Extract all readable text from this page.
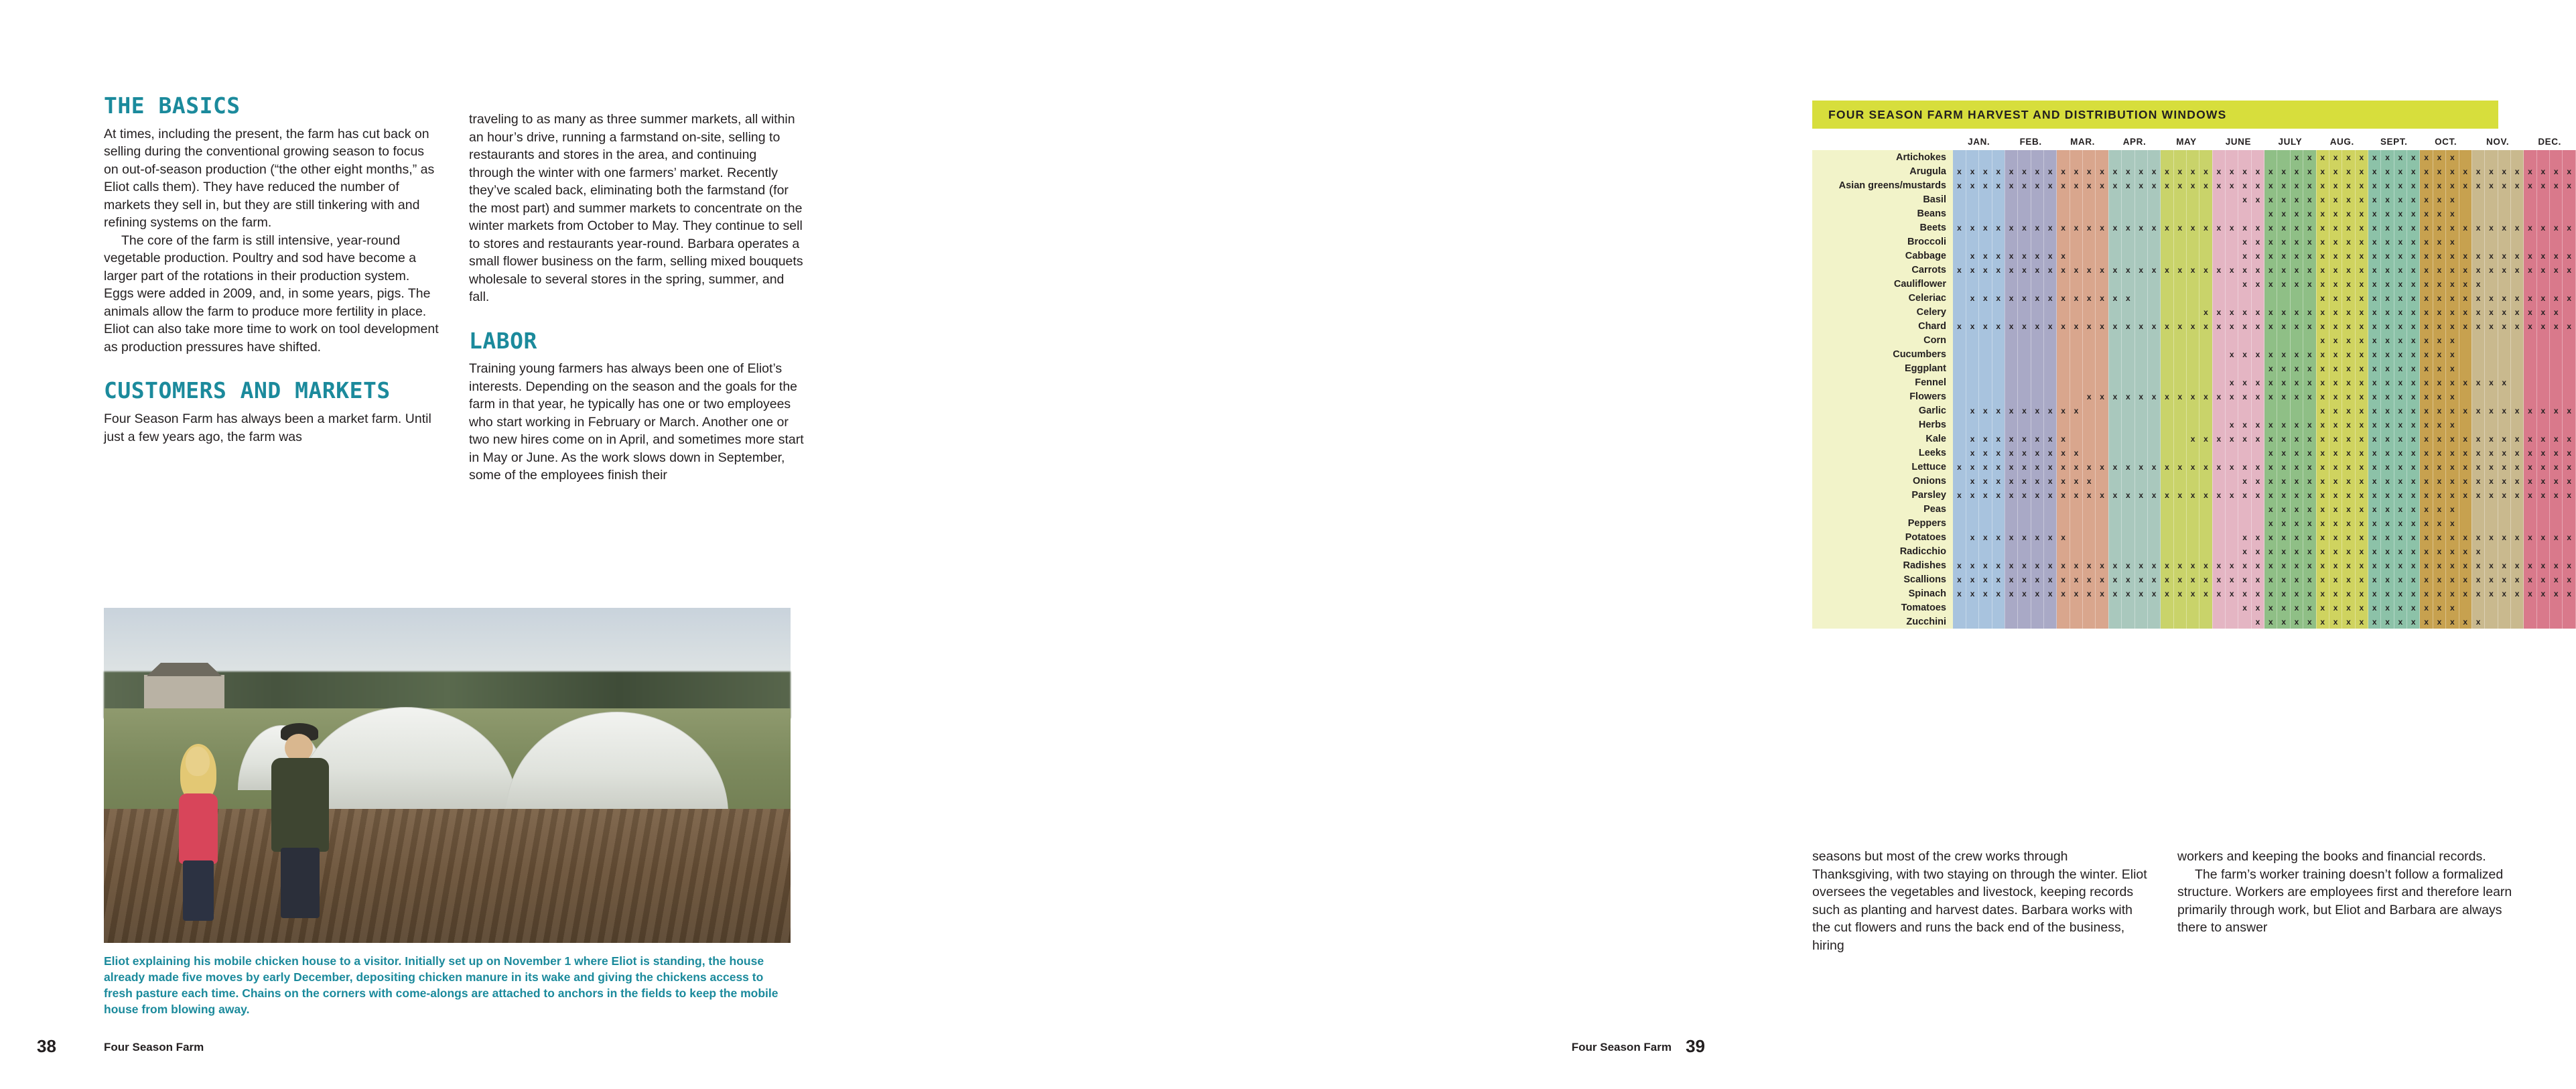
THE BASICS

At times, including the present, the farm has cut back on selling during the conventional growing season to focus on out-of-season production (“the other eight months,” as Eliot calls them). They have reduced the number of markets they sell in, but they are still tinkering with and refining systems on the farm.

The core of the farm is still intensive, year-round vegetable production. Poultry and sod have become a larger part of the rotations in their production system. Eggs were added in 2009, and, in some years, pigs. The animals allow the farm to produce more fertility in place. Eliot can also take more time to work on tool development as production pressures have shifted.

CUSTOMERS AND MARKETS

Four Season Farm has always been a market farm. Until just a few years ago, the farm was

traveling to as many as three summer markets, all within an hour’s drive, running a farmstand on-site, selling to restaurants and stores in the area, and continuing through the winter with one farmers’ market. Recently they’ve scaled back, eliminating both the farmstand (for the most part) and summer markets to concentrate on the winter markets from October to May. They continue to sell to stores and restaurants year-round. Barbara operates a small flower business on the farm, selling mixed bouquets wholesale to several stores in the spring, summer, and fall.

LABOR

Training young farmers has always been one of Eliot’s interests. Depending on the season and the goals for the farm in that year, he typically has one or two employees who start working in February or March. Another one or two new hires come on in April, and sometimes more start in May or June. As the work slows down in September, some of the employees finish their

Eliot explaining his mobile chicken house to a visitor. Initially set up on November 1 where Eliot is standing, the house already made five moves by early December, depositing chicken manure in its wake and giving the chickens access to fresh pasture each time. Chains on the corners with come-alongs are attached to anchors in the fields to keep the mobile house from blowing away.
38	Four Season Farm
FOUR SEASON FARM HARVEST AND DISTRIBUTION WINDOWS
	JAN.				FEB.				MAR.				APR.				MAY				JUNE				JULY				AUG.				SEPT.				OCT.				NOV.				DEC.			
Artichokes																											x	x	x	x	x	x	x	x	x	x	x	x	x									
Arugula	x	x	x	x	x	x	x	x	x	x	x	x	x	x	x	x	x	x	x	x	x	x	x	x	x	x	x	x	x	x	x	x	x	x	x	x	x	x	x	x	x	x	x	x	x	x	x	x
Asian greens/mustards	x	x	x	x	x	x	x	x	x	x	x	x	x	x	x	x	x	x	x	x	x	x	x	x	x	x	x	x	x	x	x	x	x	x	x	x	x	x	x	x	x	x	x	x	x	x	x	x
Basil																							x	x	x	x	x	x	x	x	x	x	x	x	x	x	x	x	x									
Beans																									x	x	x	x	x	x	x	x	x	x	x	x	x	x	x									
Beets	x	x	x	x	x	x	x	x	x	x	x	x	x	x	x	x	x	x	x	x	x	x	x	x	x	x	x	x	x	x	x	x	x	x	x	x	x	x	x	x	x	x	x	x	x	x	x	x
Broccoli																							x	x	x	x	x	x	x	x	x	x	x	x	x	x	x	x	x									
Cabbage		x	x	x	x	x	x	x	x														x	x	x	x	x	x	x	x	x	x	x	x	x	x	x	x	x	x	x	x	x	x	x	x	x	x
Carrots	x	x	x	x	x	x	x	x	x	x	x	x	x	x	x	x	x	x	x	x	x	x	x	x	x	x	x	x	x	x	x	x	x	x	x	x	x	x	x	x	x	x	x	x	x	x	x	x
Cauliflower																							x	x	x	x	x	x	x	x	x	x	x	x	x	x	x	x	x	x	x							
Celeriac		x	x	x	x	x	x	x	x	x	x	x	x	x															x	x	x	x	x	x	x	x	x	x	x	x	x	x	x	x	x	x	x	x
Celery																				x	x	x	x	x	x	x	x	x	x	x	x	x	x	x	x	x	x	x	x	x	x	x	x	x	x	x	x	
Chard	x	x	x	x	x	x	x	x	x	x	x	x	x	x	x	x	x	x	x	x	x	x	x	x	x	x	x	x	x	x	x	x	x	x	x	x	x	x	x	x	x	x	x	x	x	x	x	x
Corn																													x	x	x	x	x	x	x	x	x	x	x									
Cucumbers																						x	x	x	x	x	x	x	x	x	x	x	x	x	x	x	x	x	x									
Eggplant																									x	x	x	x	x	x	x	x	x	x	x	x	x	x	x									
Fennel																						x	x	x	x	x	x	x	x	x	x	x	x	x	x	x	x	x	x	x	x	x	x					
Flowers											x	x	x	x	x	x	x	x	x	x	x	x	x	x	x	x	x	x	x	x	x	x	x	x	x	x	x	x	x									
Garlic		x	x	x	x	x	x	x	x	x																			x	x	x	x	x	x	x	x	x	x	x	x	x	x	x	x	x	x	x	x
Herbs																						x	x	x	x	x	x	x	x	x	x	x	x	x	x	x	x	x	x									
Kale		x	x	x	x	x	x	x	x										x	x	x	x	x	x	x	x	x	x	x	x	x	x	x	x	x	x	x	x	x	x	x	x	x	x	x	x	x	x
Leeks		x	x	x	x	x	x	x	x	x															x	x	x	x	x	x	x	x	x	x	x	x	x	x	x	x	x	x	x	x	x	x	x	x
Lettuce	x	x	x	x	x	x	x	x	x	x	x	x	x	x	x	x	x	x	x	x	x	x	x	x	x	x	x	x	x	x	x	x	x	x	x	x	x	x	x	x	x	x	x	x	x	x	x	x
Onions		x	x	x	x	x	x	x	x	x	x												x	x	x	x	x	x	x	x	x	x	x	x	x	x	x	x	x	x	x	x	x	x	x	x	x	x
Parsley	x	x	x	x	x	x	x	x	x	x	x	x	x	x	x	x	x	x	x	x	x	x	x	x	x	x	x	x	x	x	x	x	x	x	x	x	x	x	x	x	x	x	x	x	x	x	x	x
Peas																									x	x	x	x	x	x	x	x	x	x	x	x	x	x	x									
Peppers																									x	x	x	x	x	x	x	x	x	x	x	x	x	x	x									
Potatoes		x	x	x	x	x	x	x	x														x	x	x	x	x	x	x	x	x	x	x	x	x	x	x	x	x	x	x	x	x	x	x	x	x	x
Radicchio																							x	x	x	x	x	x	x	x	x	x	x	x	x	x	x	x	x	x	x							
Radishes	x	x	x	x	x	x	x	x	x	x	x	x	x	x	x	x	x	x	x	x	x	x	x	x	x	x	x	x	x	x	x	x	x	x	x	x	x	x	x	x	x	x	x	x	x	x	x	x
Scallions	x	x	x	x	x	x	x	x	x	x	x	x	x	x	x	x	x	x	x	x	x	x	x	x	x	x	x	x	x	x	x	x	x	x	x	x	x	x	x	x	x	x	x	x	x	x	x	x
Spinach	x	x	x	x	x	x	x	x	x	x	x	x	x	x	x	x	x	x	x	x	x	x	x	x	x	x	x	x	x	x	x	x	x	x	x	x	x	x	x	x	x	x	x	x	x	x	x	x
Tomatoes																							x	x	x	x	x	x	x	x	x	x	x	x	x	x	x	x	x									
Zucchini																								x	x	x	x	x	x	x	x	x	x	x	x	x	x	x	x	x	x							

seasons but most of the crew works through Thanksgiving, with two staying on through the winter. Eliot oversees the vegetables and livestock, keeping records such as planting and harvest dates. Barbara works with the cut flowers and runs the back end of the business, hiring

workers and keeping the books and financial records.

The farm’s worker training doesn’t follow a formalized structure. Workers are employees first and therefore learn primarily through work, but Eliot and Barbara are always there to answer

39
Four Season Farm
